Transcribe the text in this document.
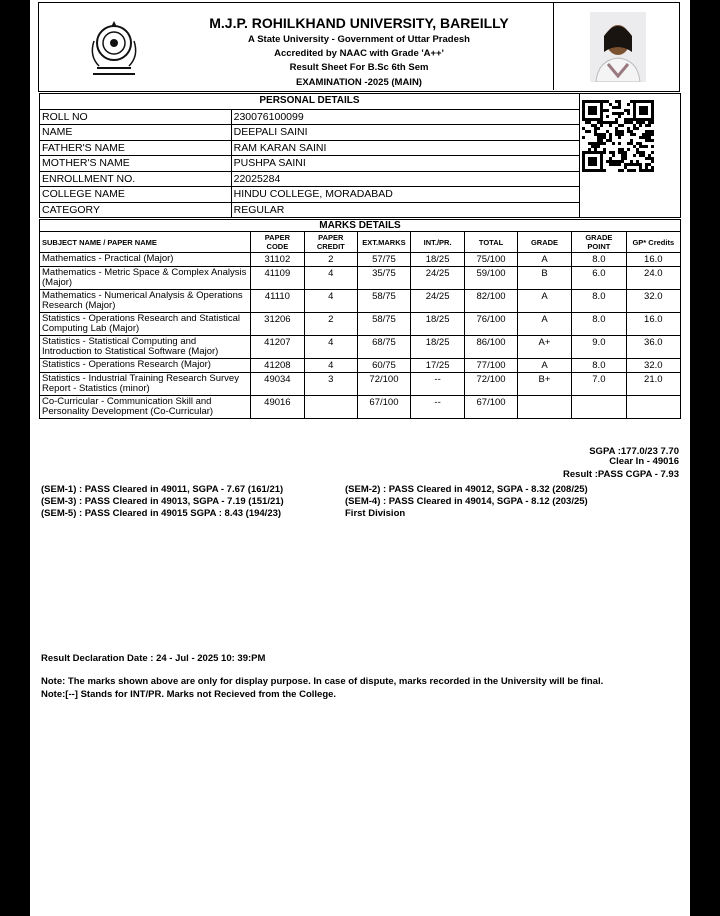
M.J.P. ROHILKHAND UNIVERSITY, BAREILLY
A State University - Government of Uttar Pradesh
Accredited by NAAC with Grade 'A++'
Result Sheet For B.Sc 6th Sem
EXAMINATION -2025 (MAIN)
PERSONAL DETAILS		
ROLL NO	230076100099	
NAME	DEEPALI SAINI	
FATHER'S NAME	RAM KARAN SAINI	
MOTHER'S NAME	PUSHPA SAINI	
ENROLLMENT NO.	22025284	
COLLEGE NAME	HINDU COLLEGE, MORADABAD	
CATEGORY	REGULAR	
MARKS DETAILS								
SUBJECT NAME / PAPER NAME	PAPER CODE	PAPER CREDIT	EXT.MARKS	INT./PR.	TOTAL	GRADE	GRADE POINT	GP* Credits
Mathematics - Practical (Major)	31102	2	57/75	18/25	75/100	A	8.0	16.0
Mathematics - Metric Space & Complex Analysis (Major)	41109	4	35/75	24/25	59/100	B	6.0	24.0
Mathematics - Numerical Analysis & Operations Research (Major)	41110	4	58/75	24/25	82/100	A	8.0	32.0
Statistics - Operations Research and Statistical Computing Lab (Major)	31206	2	58/75	18/25	76/100	A	8.0	16.0
Statistics - Statistical Computing and Introduction to Statistical Software (Major)	41207	4	68/75	18/25	86/100	A+	9.0	36.0
Statistics - Operations Research (Major)	41208	4	60/75	17/25	77/100	A	8.0	32.0
Statistics - Industrial Training Research Survey Report - Statistics (minor)	49034	3	72/100	--	72/100	B+	7.0	21.0
Co-Curricular - Communication Skill and Personality Development (Co-Curricular)	49016		67/100	--	67/100			
SGPA :177.0/23 7.70
Clear In - 49016
Result :PASS CGPA - 7.93
(SEM-1) : PASS Cleared in 49011, SGPA - 7.67 (161/21)	(SEM-2) : PASS Cleared in 49012, SGPA - 8.32 (208/25)
(SEM-3) : PASS Cleared in 49013, SGPA - 7.19 (151/21)	(SEM-4) : PASS Cleared in 49014, SGPA - 8.12 (203/25)
(SEM-5) : PASS Cleared in 49015 SGPA : 8.43 (194/23)	First Division
Result Declaration Date : 24 - Jul - 2025 10: 39:PM
Note: The marks shown above are only for display purpose. In case of dispute, marks recorded in the University will be final.
Note:[--] Stands for INT/PR. Marks not Recieved from the College.
